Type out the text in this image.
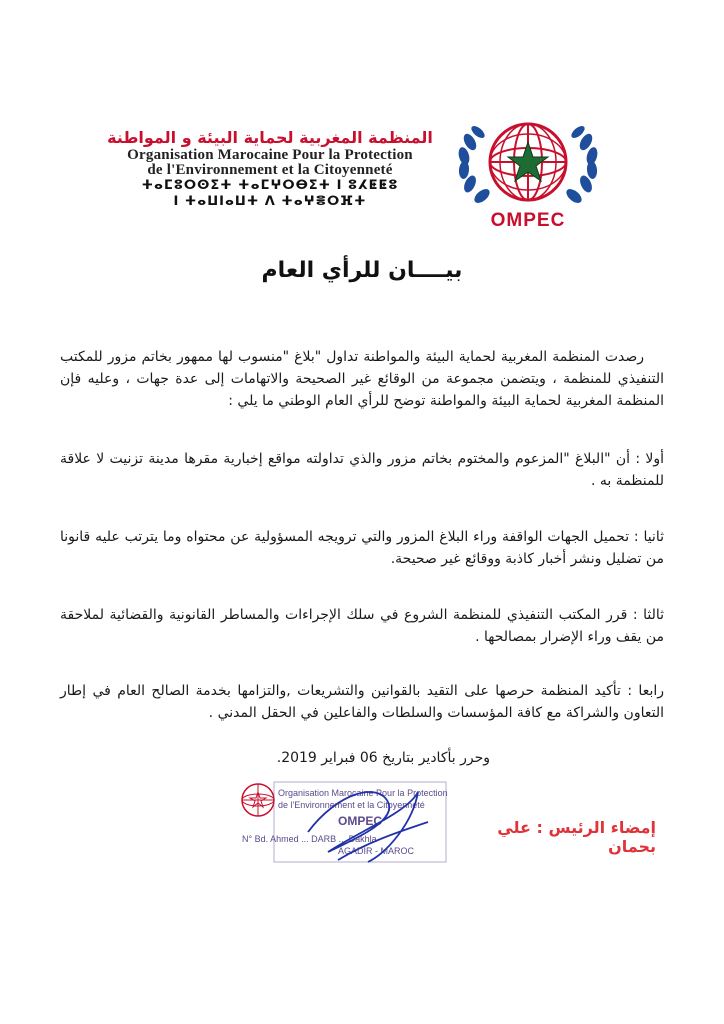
المنظمة المغربية لحماية البيئة و المواطنة
Organisation Marocaine Pour la Protection
de l'Environnement et la Citoyenneté
ⵜⴰⵎⵓⵔⵙⵉⵜ ⵜⴰⵎⵖⵔⴱⵉⵜ ⵏ ⵓⵃⵟⵟⵓ
ⵏ ⵜⴰⵡⵏⴰⵡⵜ ⴷ ⵜⴰⵖⴻⵔⴼⵜ
OMPEC
بيــــان للرأي العام
رصدت المنظمة المغربية لحماية البيئة والمواطنة تداول "بلاغ "منسوب لها ممهور بخاتم مزور للمكتب التنفيذي للمنظمة ، ويتضمن مجموعة من الوقائع غير الصحيحة والاتهامات إلى عدة جهات ، وعليه فإن المنظمة المغربية لحماية البيئة والمواطنة توضح للرأي العام الوطني ما يلي :
أولا : أن "البلاغ "المزعوم والمختوم بخاتم مزور والذي تداولته مواقع إخبارية مقرها مدينة تزنيت لا علاقة للمنظمة به .
ثانيا : تحميل الجهات الواقفة وراء البلاغ المزور والتي ترويجه المسؤولية عن محتواه وما يترتب عليه قانونا من تضليل ونشر أخبار كاذبة ووقائع غير صحيحة.
ثالثا : قرر المكتب التنفيذي للمنظمة الشروع في سلك الإجراءات والمساطر القانونية والقضائية لملاحقة من يقف وراء الإضرار بمصالحها .
رابعا : تأكيد المنظمة حرصها على التقيد بالقوانين والتشريعات ,والتزامها بخدمة الصالح العام في إطار التعاون والشراكة مع كافة المؤسسات والسلطات والفاعلين في الحقل المدني .
وحرر بأكادير بتاريخ 06 فبراير 2019.
Organisation Marocaine Pour la Protection
de l'Environnement et la Citoyenneté
OMPEC
N° Bd. Ahmed ... DARB ... Dakhla
AGADIR - MAROC
إمضاء الرئيس : علي بحمان
